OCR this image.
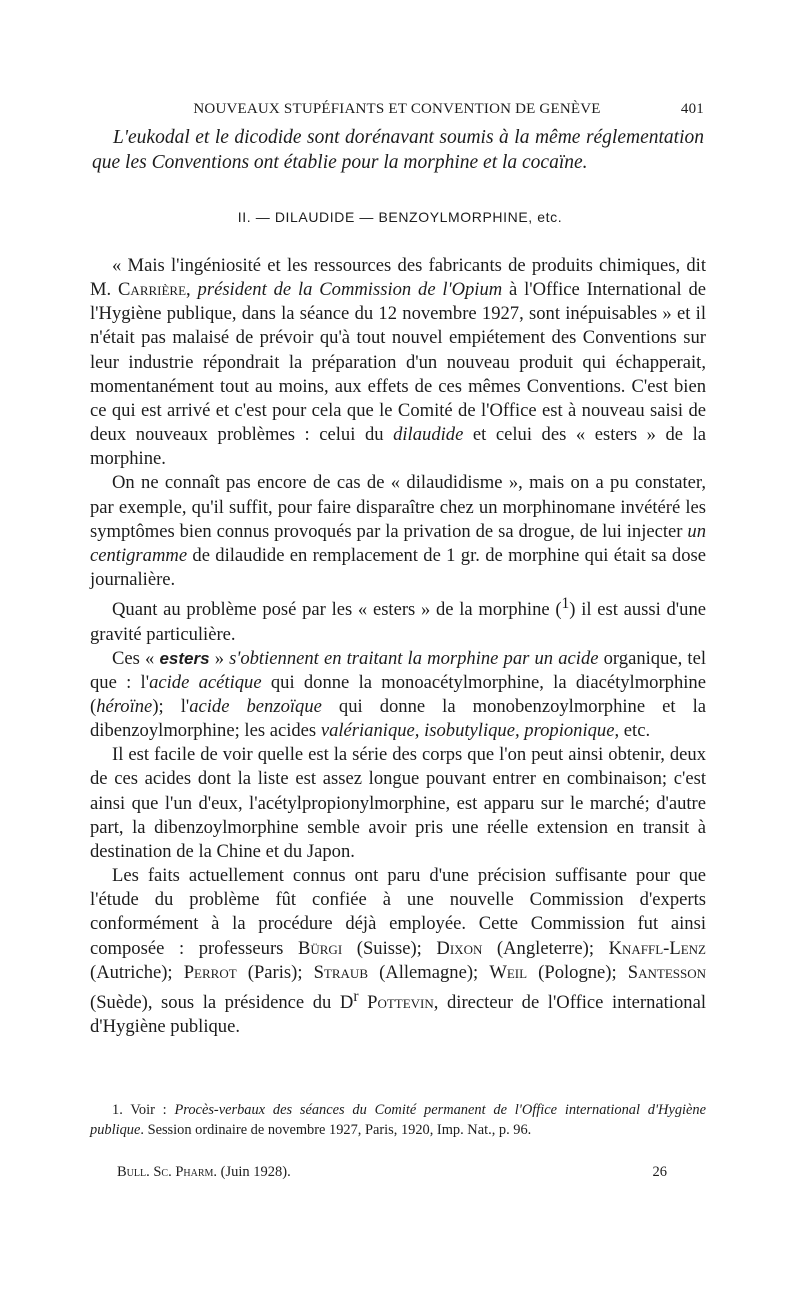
NOUVEAUX STUPÉFIANTS ET CONVENTION DE GENÈVE	401
L'eukodal et le dicodide sont dorénavant soumis à la même réglementation que les Conventions ont établie pour la morphine et la cocaïne.
II. — DILAUDIDE — BENZOYLMORPHINE, etc.

« Mais l'ingéniosité et les ressources des fabricants de produits chimiques, dit M. Carrière, président de la Commission de l'Opium à l'Office International de l'Hygiène publique, dans la séance du 12 novembre 1927, sont inépuisables » et il n'était pas malaisé de prévoir qu'à tout nouvel empiétement des Conventions sur leur industrie répondrait la préparation d'un nouveau produit qui échapperait, momentanément tout au moins, aux effets de ces mêmes Conventions. C'est bien ce qui est arrivé et c'est pour cela que le Comité de l'Office est à nouveau saisi de deux nouveaux problèmes : celui du dilaudide et celui des « esters » de la morphine.

On ne connaît pas encore de cas de « dilaudidisme », mais on a pu constater, par exemple, qu'il suffit, pour faire disparaître chez un morphinomane invétéré les symptômes bien connus provoqués par la privation de sa drogue, de lui injecter un centigramme de dilaudide en remplacement de 1 gr. de morphine qui était sa dose journalière.

Quant au problème posé par les « esters » de la morphine ($^1$) il est aussi d'une gravité particulière.

Ces « esters » s'obtiennent en traitant la morphine par un acide organique, tel que : l'acide acétique qui donne la monoacétylmorphine, la diacétylmorphine (héroïne); l'acide benzoïque qui donne la monobenzoylmorphine et la dibenzoylmorphine; les acides valérianique, isobutylique, propionique, etc.

Il est facile de voir quelle est la série des corps que l'on peut ainsi obtenir, deux de ces acides dont la liste est assez longue pouvant entrer en combinaison; c'est ainsi que l'un d'eux, l'acétylpropionylmorphine, est apparu sur le marché; d'autre part, la dibenzoylmorphine semble avoir pris une réelle extension en transit à destination de la Chine et du Japon.

Les faits actuellement connus ont paru d'une précision suffisante pour que l'étude du problème fût confiée à une nouvelle Commission d'experts conformément à la procédure déjà employée. Cette Commission fut ainsi composée : professeurs Bürgi (Suisse); Dixon (Angleterre); Knaffl-Lenz (Autriche); Perrot (Paris); Straub (Allemagne); Weil (Pologne); Santesson (Suède), sous la présidence du $D^r$ Pottevin, directeur de l'Office international d'Hygiène publique.

1. Voir : Procès-verbaux des séances du Comité permanent de l'Office international d'Hygiène publique. Session ordinaire de novembre 1927, Paris, 1920, Imp. Nat., p. 96.
Bull. Sc. Pharm. (Juin 1928).	26
